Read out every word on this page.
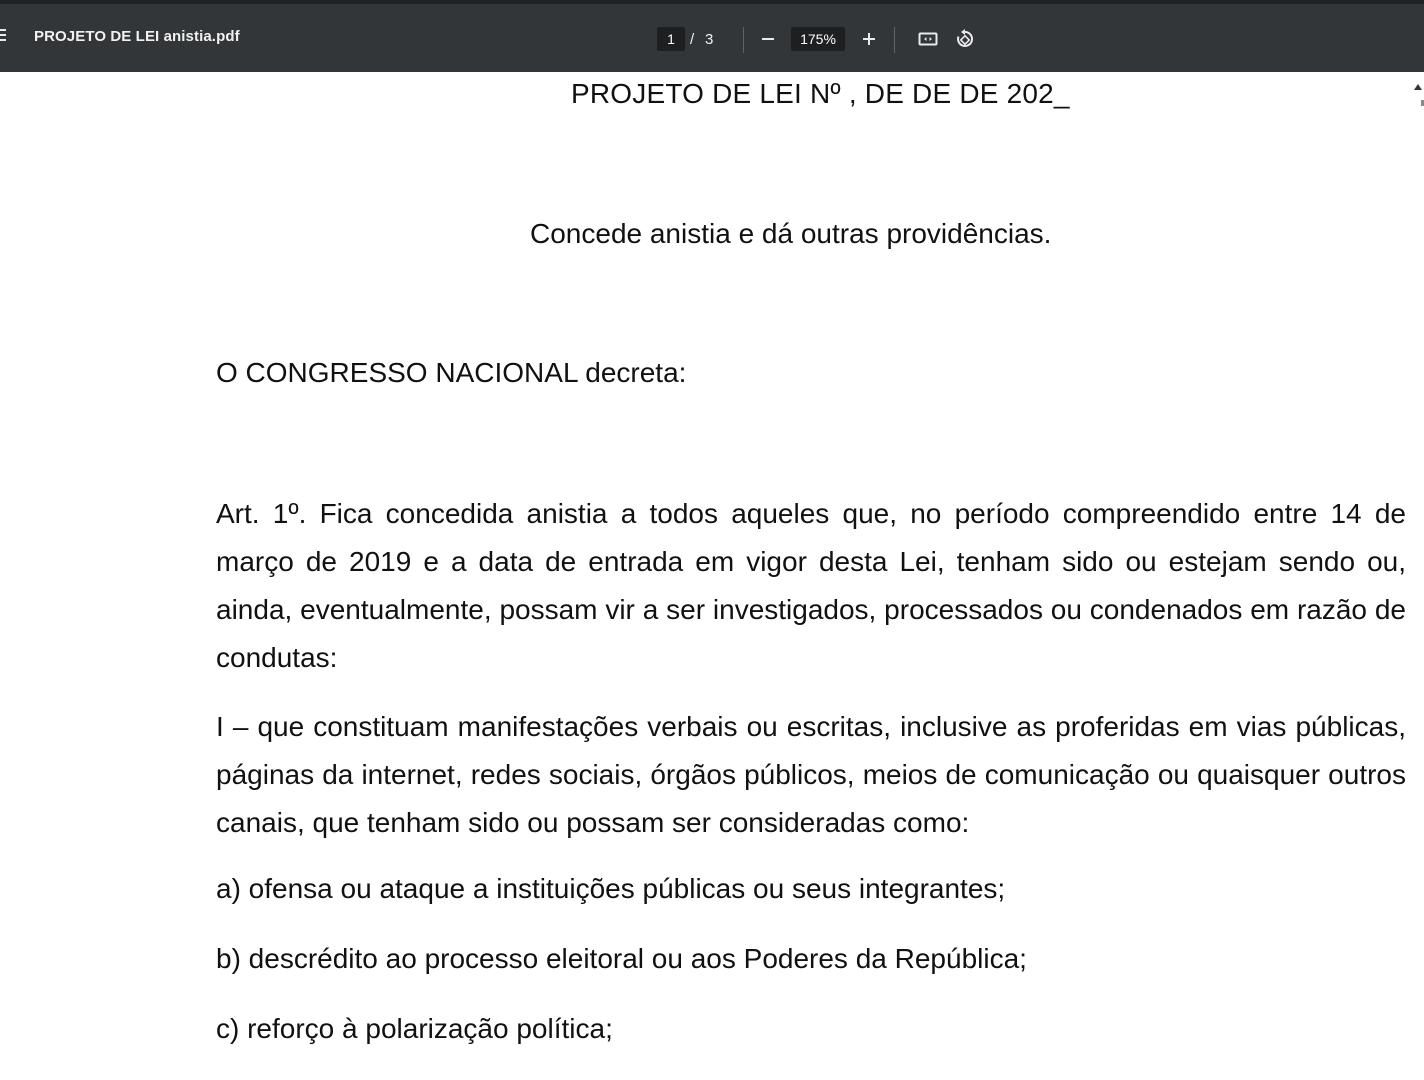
PROJETO DE LEI anistia.pdf	1	/ 3	175%
PROJETO DE LEI Nº , DE DE DE 202_
Concede anistia e dá outras providências.
O CONGRESSO NACIONAL decreta:
Art. 1º. Fica concedida anistia a todos aqueles que, no período compreendido entre 14 de março de 2019 e a data de entrada em vigor desta Lei, tenham sido ou estejam sendo ou, ainda, eventualmente, possam vir a ser investigados, processados ou condenados em razão de condutas:
I – que constituam manifestações verbais ou escritas, inclusive as proferidas em vias públicas, páginas da internet, redes sociais, órgãos públicos, meios de comunicação ou quaisquer outros canais, que tenham sido ou possam ser consideradas como:
a) ofensa ou ataque a instituições públicas ou seus integrantes;
b) descrédito ao processo eleitoral ou aos Poderes da República;
c) reforço à polarização política;
